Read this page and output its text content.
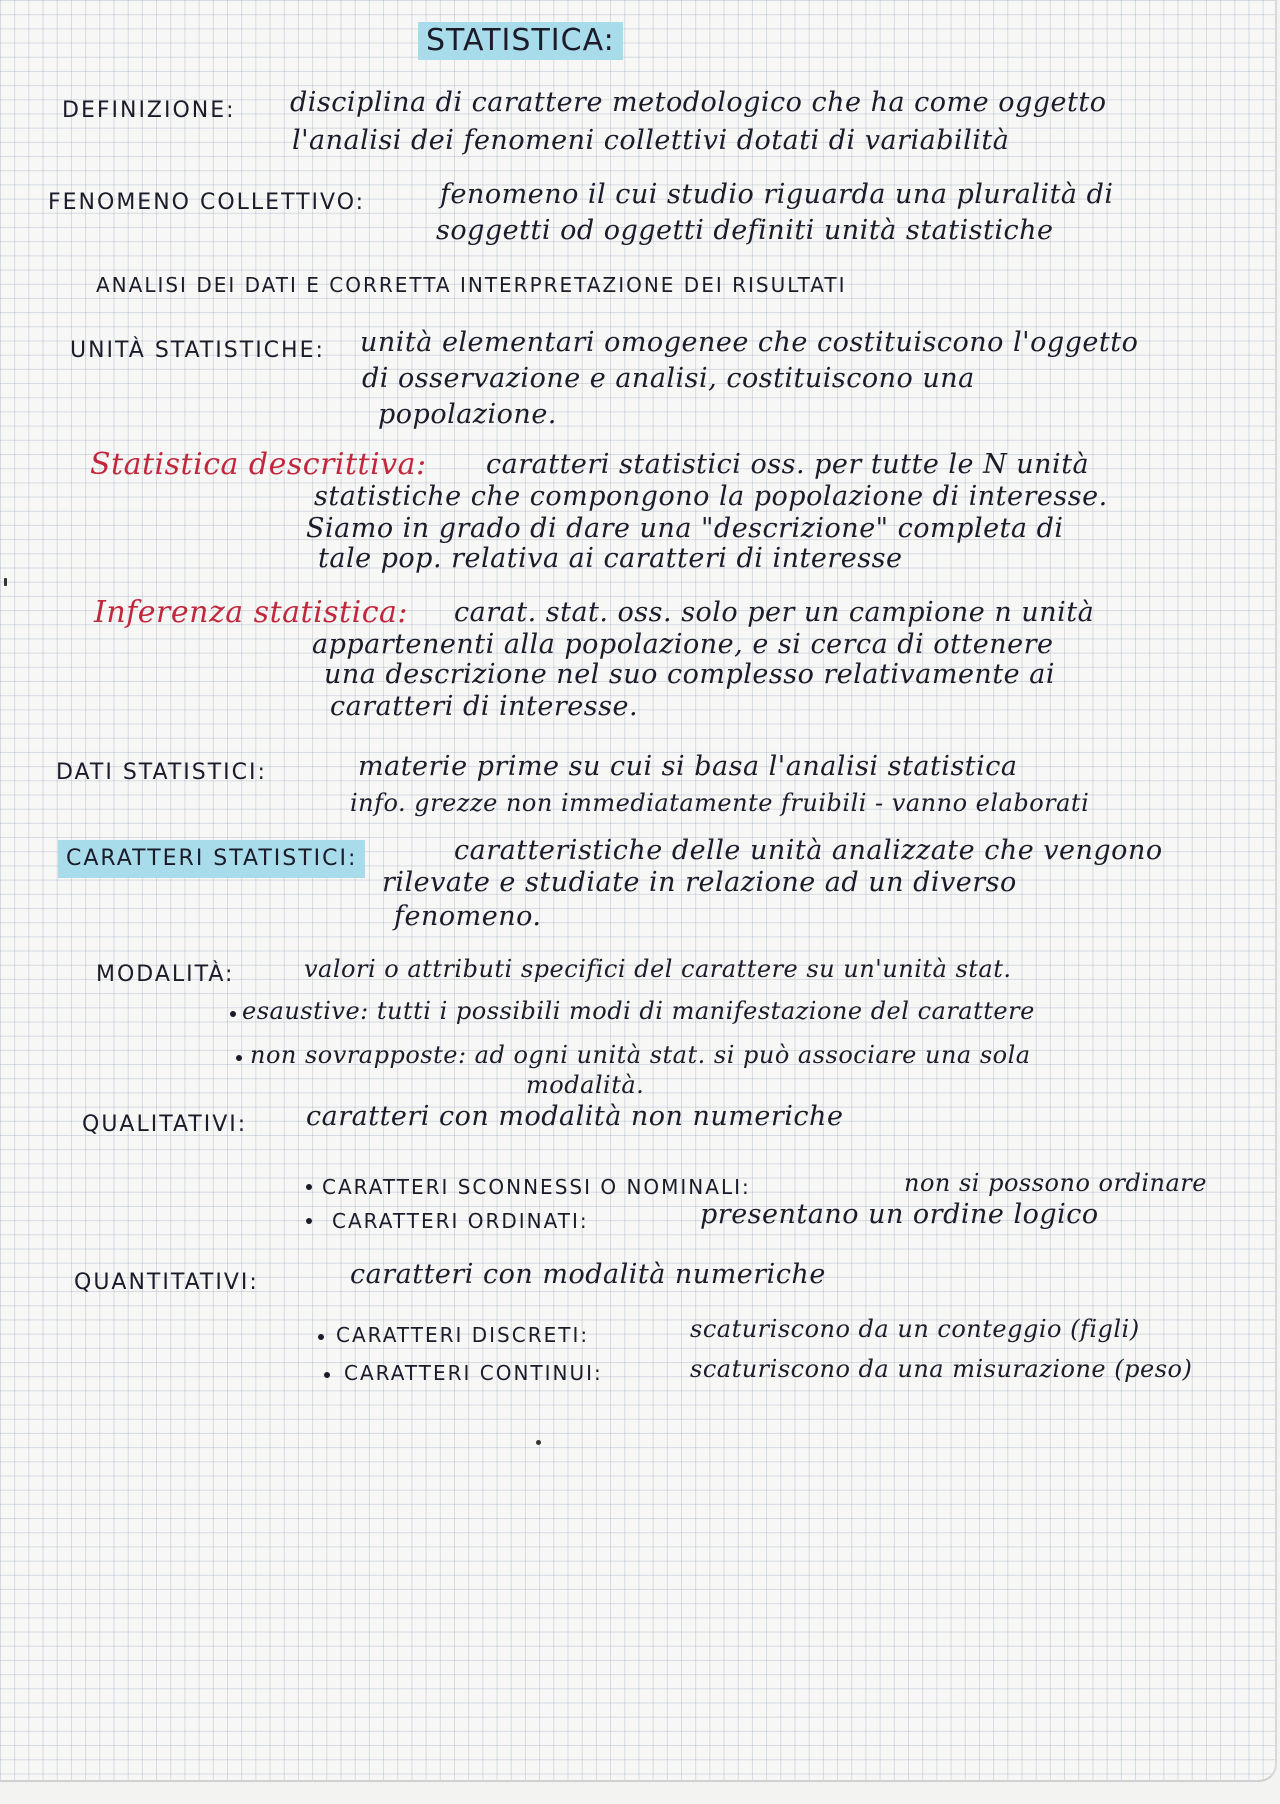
STATISTICA:
DEFINIZIONE: disciplina di carattere metodologico che ha come oggetto
l'analisi dei fenomeni collettivi dotati di variabilità
FENOMENO COLLETTIVO:	fenomeno il cui studio riguarda una pluralità di
soggetti od oggetti definiti unità statistiche
ANALISI DEI DATI E CORRETTA INTERPRETAZIONE DEI RISULTATI
UNITÀ STATISTICHE: unità elementari omogenee che costituiscono l'oggetto
di osservazione e analisi, costituiscono una
popolazione.
Statistica descrittiva: caratteri statistici oss. per tutte le N unità
statistiche che compongono la popolazione di interesse.
Siamo in grado di dare una "descrizione" completa di
tale pop. relativa ai caratteri di interesse
Inferenza statistica: carat. stat. oss. solo per un campione n unità
appartenenti alla popolazione, e si cerca di ottenere
una descrizione nel suo complesso relativamente ai
caratteri di interesse.
DATI STATISTICI:	materie prime su cui si basa l'analisi statistica
info. grezze non immediatamente fruibili - vanno elaborati
CARATTERI STATISTICI:	caratteristiche delle unità analizzate che vengono
rilevate e studiate in relazione ad un diverso
fenomeno.
MODALITÀ:	valori o attributi specifici del carattere su un'unità stat.
esaustive: tutti i possibili modi di manifestazione del carattere
non sovrapposte: ad ogni unità stat. si può associare una sola
modalità.
QUALITATIVI: caratteri con modalità non numeriche
CARATTERI SCONNESSI O NOMINALI:	non si possono ordinare
CARATTERI ORDINATI:	presentano un ordine logico
QUANTITATIVI:	caratteri con modalità numeriche
CARATTERI DISCRETI:	scaturiscono da un conteggio (figli)
CARATTERI CONTINUI:	scaturiscono da una misurazione (peso)
